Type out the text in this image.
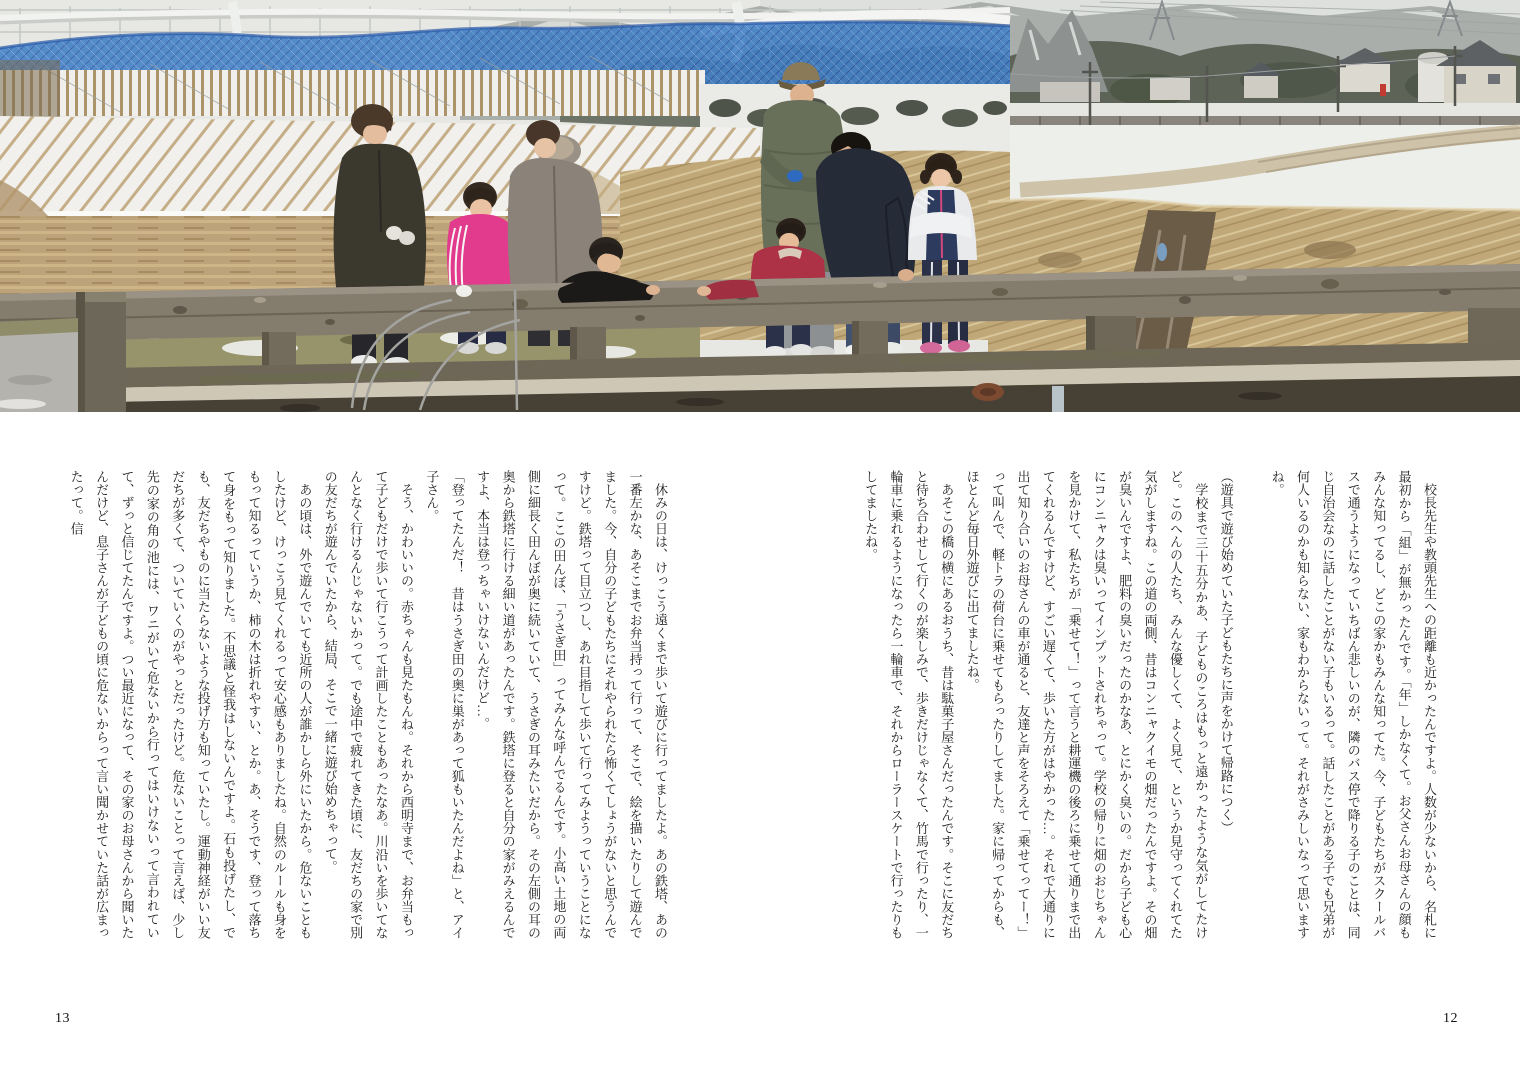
校長先生や教頭先生への距離も近かったんですよ。人数が少ないから、名札に最初から「組」が無かったんです。「年」しかなくて。お父さんお母さんの顔もみんな知ってるし、どこの家かもみんな知ってた。今、子どもたちがスクールバスで通うようになっていちばん悲しいのが、隣のバス停で降りる子のことは、同じ自治会なのに話したことがない子もいるって。話したことがある子でも兄弟が何人いるのかも知らない、家もわからないって。それがさみしいなって思いますね。

（遊具で遊び始めていた子どもたちに声をかけて帰路につく）

学校まで三十五分かあ、子どものころはもっと遠かったような気がしてたけど。このへんの人たち、みんな優しくて、よく見て、というか見守ってくれてた気がしますね。この道の両側、昔はコンニャクイモの畑だったんですよ。その畑が臭いんですよ、肥料の臭いだったのかなあ、とにかく臭いの。だから子ども心にコンニャクは臭いってインプットされちゃって。学校の帰りに畑のおじちゃんを見かけて、私たちが「乗せて！」って言うと耕運機の後ろに乗せて通りまで出てくれるんですけど、すごい遅くて、歩いた方がはやかった…。それで大通りに出て知り合いのお母さんの車が通ると、友達と声をそろえて「乗せてってー！」って叫んで、軽トラの荷台に乗せてもらったりしてました。家に帰ってからも、ほとんど毎日外遊びに出てましたね。

あそこの橋の横にあるおうち、昔は駄菓子屋さんだったんです。そこに友だちと待ち合わせして行くのが楽しみで、歩きだけじゃなくて、竹馬で行ったり、一輪車に乗れるようになったら一輪車で、それからローラースケートで行ったりもしてましたね。

12

休みの日は、けっこう遠くまで歩いて遊びに行ってましたよ。あの鉄塔、あの一番左かな、あそこまでお弁当持って行って、そこで、絵を描いたりして遊んでました。今、自分の子どもたちにそれやられたら怖くてしょうがないと思うんですけど。鉄塔って目立つし、あれ目指して歩いて行ってみようっていうことになって。ここの田んぼ、「うさぎ田」ってみんな呼んでるんです。小高い土地の両側に細長く田んぼが奥に続いていて、うさぎの耳みたいだから。その左側の耳の奥から鉄塔に行ける細い道があったんです。鉄塔に登ると自分の家がみえるんですよ、本当は登っちゃいけないんだけど…。

「登ってたんだ！　昔はうさぎ田の奥に巣があって狐もいたんだよね」と、アイ子さん。

そう、かわいいの。赤ちゃんも見たもんね。それから西明寺まで、お弁当もって子どもだけで歩いて行こうって計画したこともあったなあ。川沿いを歩いてなんとなく行けるんじゃないかって。でも途中で疲れてきた頃に、友だちの家で別の友だちが遊んでいたから、結局、そこで一緒に遊び始めちゃって。

あの頃は、外で遊んでいても近所の人が誰かしら外にいたから。危ないこともしたけど、けっこう見てくれるって安心感もありましたね。自然のルールも身をもって知るっていうか、柿の木は折れやすい、とか。あ、そうです、登って落ちて身をもって知りました。不思議と怪我はしないんですよ。石も投げたし、でも、友だちやものに当たらないような投げ方も知っていたし。運動神経がいい友だちが多くて、ついていくのがやっとだったけど。危ないことって言えば、少し先の家の角の池には、ワニがいて危ないから行ってはいけないって言われていて、ずっと信じてたんですよ。つい最近になって、その家のお母さんから聞いたんだけど、息子さんが子どもの頃に危ないからって言い聞かせていた話が広まったって。信

13
